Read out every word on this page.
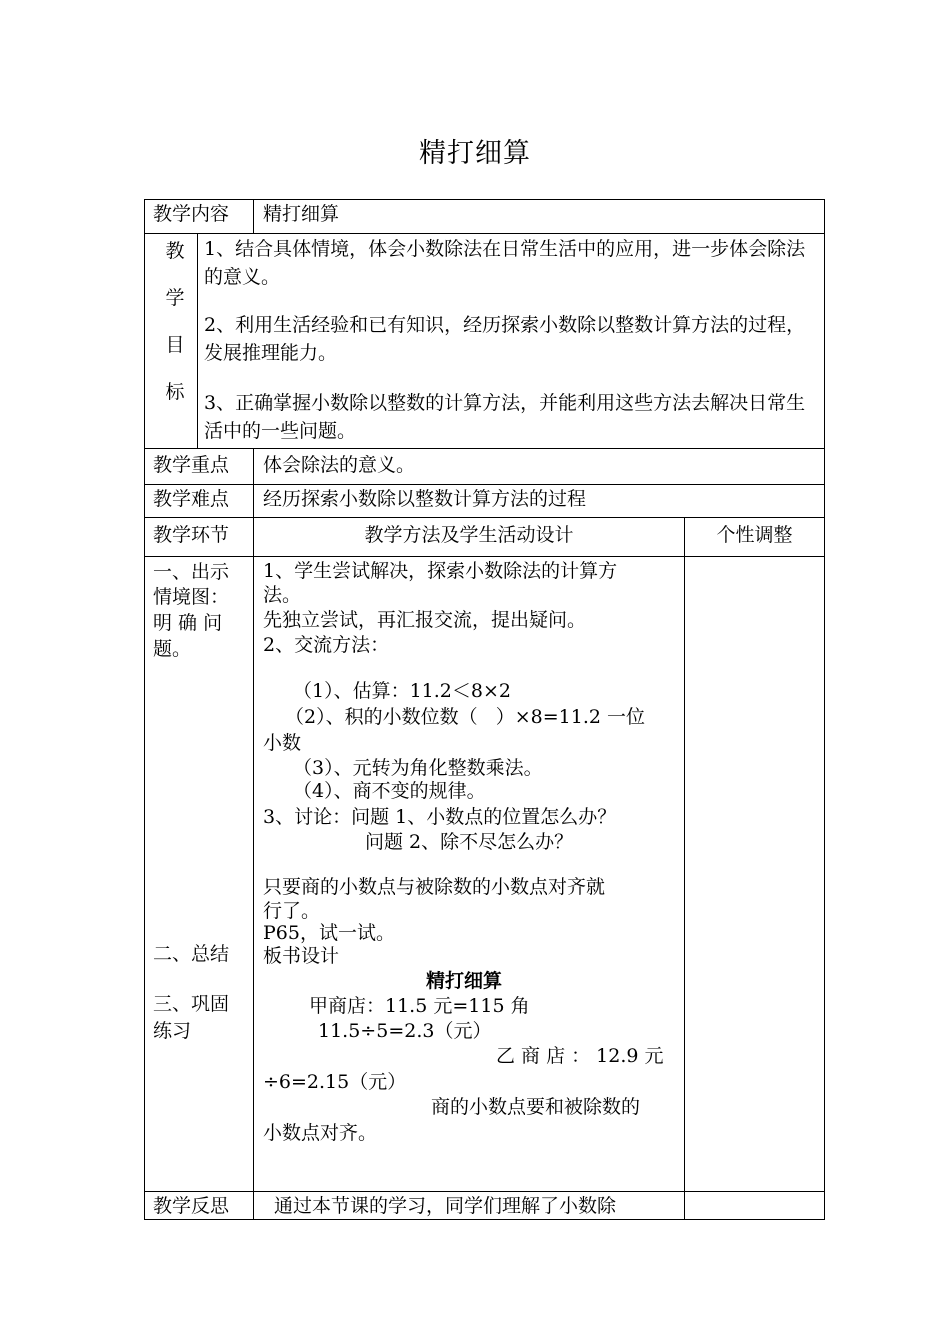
精打细算
教学内容 精打细算
教
学
目
标
1、结合具体情境，体会小数除法在日常生活中的应用，进一步体会除法的意义。
2、利用生活经验和已有知识，经历探索小数除以整数计算方法的过程，发展推理能力。
3、正确掌握小数除以整数的计算方法，并能利用这些方法去解决日常生活中的一些问题。
教学重点 体会除法的意义。
教学难点 经历探索小数除以整数计算方法的过程
教学环节	教学方法及学生活动设计	个性调整
一、出示
情境图：
明 确 问
题。
二、总结
三、巩固
练习
1、学生尝试解决，探索小数除法的计算方
法。
先独立尝试，再汇报交流，提出疑问。
2、交流方法：
（1）、估算：11.2＜8×2
（2）、积的小数位数（   ）×8=11.2 一位
小数
（3）、元转为角化整数乘法。
（4）、商不变的规律。
3、讨论：问题 1、小数点的位置怎么办？
问题 2、除不尽怎么办？
只要商的小数点与被除数的小数点对齐就
行了。
P65，试一试。
板书设计
精打细算
甲商店：11.5 元=115 角
11.5÷5=2.3（元）
乙 商 店 ： 12.9 元
÷6=2.15（元）
商的小数点要和被除数的
小数点对齐。
教学反思 通过本节课的学习，同学们理解了小数除
